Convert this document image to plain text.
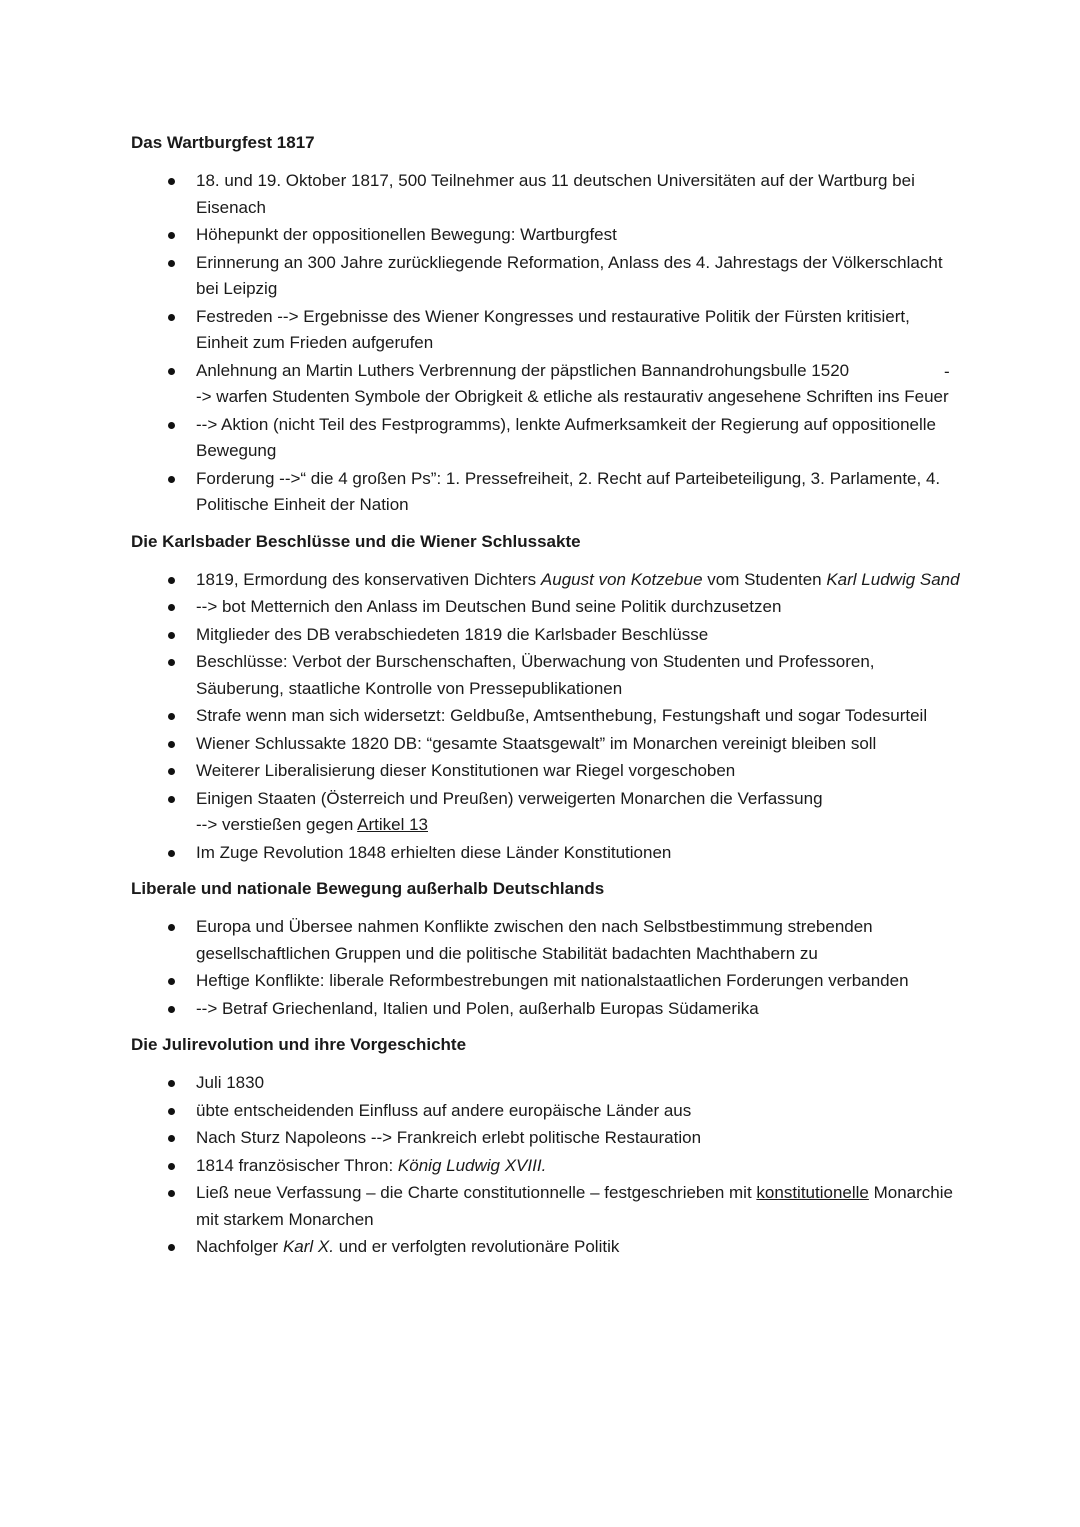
Das Wartburgfest 1817
18. und 19. Oktober 1817, 500 Teilnehmer aus 11 deutschen Universitäten auf der Wartburg bei Eisenach
Höhepunkt der oppositionellen Bewegung: Wartburgfest
Erinnerung an 300 Jahre zurückliegende Reformation, Anlass des 4. Jahrestags der Völkerschlacht bei Leipzig
Festreden --> Ergebnisse des Wiener Kongresses und restaurative Politik der Fürsten kritisiert, Einheit zum Frieden aufgerufen
Anlehnung an Martin Luthers Verbrennung der päpstlichen Bannandrohungsbulle 1520
-> warfen Studenten Symbole der Obrigkeit & etliche als restaurativ angesehene Schriften ins Feuer
--> Aktion (nicht Teil des Festprogramms), lenkte Aufmerksamkeit der Regierung auf oppositionelle Bewegung
Forderung -->“ die 4 großen Ps”: 1. Pressefreiheit, 2. Recht auf Parteibeteiligung, 3. Parlamente, 4. Politische Einheit der Nation
Die Karlsbader Beschlüsse und die Wiener Schlussakte
1819, Ermordung des konservativen Dichters August von Kotzebue vom Studenten Karl Ludwig Sand
--> bot Metternich den Anlass im Deutschen Bund seine Politik durchzusetzen
Mitglieder des DB verabschiedeten 1819 die Karlsbader Beschlüsse
Beschlüsse: Verbot der Burschenschaften, Überwachung von Studenten und Professoren, Säuberung, staatliche Kontrolle von Pressepublikationen
Strafe wenn man sich widersetzt: Geldbuße, Amtsenthebung, Festungshaft und sogar Todesurteil
Wiener Schlussakte 1820 DB: “gesamte Staatsgewalt” im Monarchen vereinigt bleiben soll
Weiterer Liberalisierung dieser Konstitutionen war Riegel vorgeschoben
Einigen Staaten (Österreich und Preußen) verweigerten Monarchen die Verfassung
--> verstießen gegen Artikel 13
Im Zuge Revolution 1848 erhielten diese Länder Konstitutionen
Liberale und nationale Bewegung außerhalb Deutschlands
Europa und Übersee nahmen Konflikte zwischen den nach Selbstbestimmung strebenden gesellschaftlichen Gruppen und die politische Stabilität badachten Machthabern zu
Heftige Konflikte: liberale Reformbestrebungen mit nationalstaatlichen Forderungen verbanden
--> Betraf Griechenland, Italien und Polen, außerhalb Europas Südamerika
Die Julirevolution und ihre Vorgeschichte
Juli 1830
übte entscheidenden Einfluss auf andere europäische Länder aus
Nach Sturz Napoleons --> Frankreich erlebt politische Restauration
1814 französischer Thron: König Ludwig XVIII.
Ließ neue Verfassung – die Charte constitutionnelle – festgeschrieben mit konstitutionelle Monarchie mit starkem Monarchen
Nachfolger Karl X. und er verfolgten revolutionäre Politik
-
